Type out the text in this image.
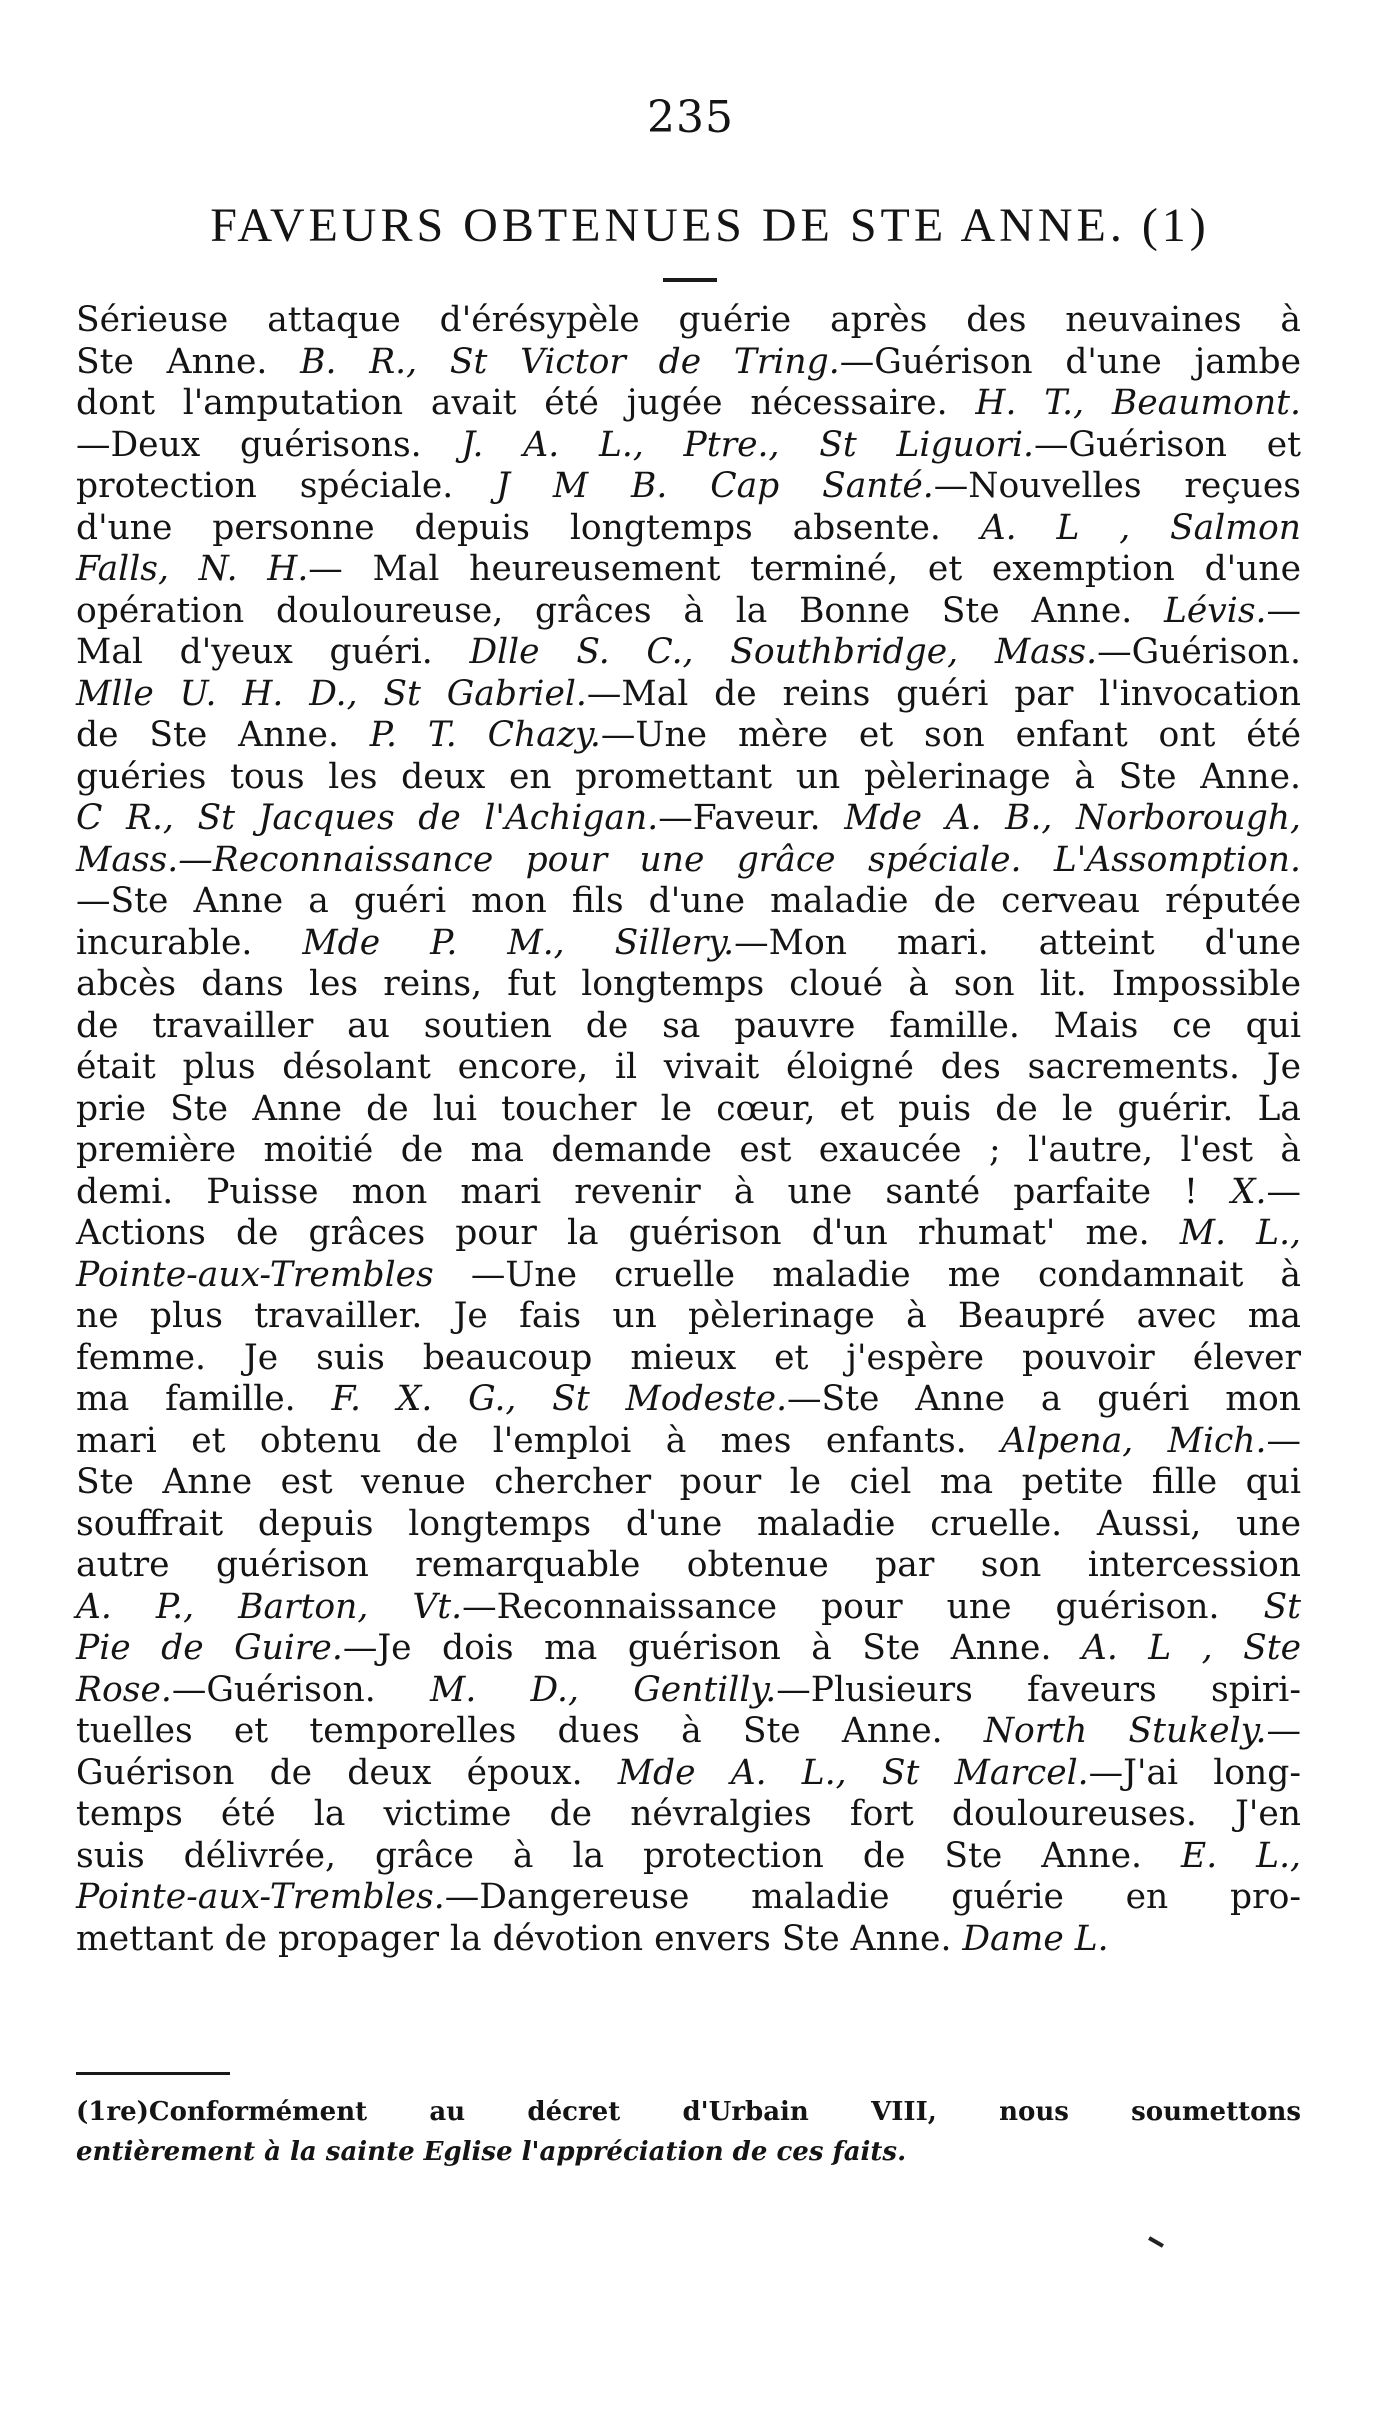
235
FAVEURS OBTENUES DE STE ANNE. (1)
Sérieuse attaque d'érésypèle guérie après des neuvaines à
Ste Anne. B. R., St Victor de Tring.—Guérison d'une jambe
dont l'amputation avait été jugée nécessaire. H. T., Beaumont.
—Deux guérisons. J. A. L., Ptre., St Liguori.—Guérison et
protection spéciale. J M B. Cap Santé.—Nouvelles reçues
d'une personne depuis longtemps absente. A. L , Salmon
Falls, N. H.— Mal heureusement terminé, et exemption d'une
opération douloureuse, grâces à la Bonne Ste Anne. Lévis.—
Mal d'yeux guéri. Dlle S. C., Southbridge, Mass.—Guérison.
Mlle U. H. D., St Gabriel.—Mal de reins guéri par l'invocation
de Ste Anne. P. T. Chazy.—Une mère et son enfant ont été
guéries tous les deux en promettant un pèlerinage à Ste Anne.
C R., St Jacques de l'Achigan.—Faveur. Mde A. B., Norborough,
Mass.—Reconnaissance pour une grâce spéciale. L'Assomption.
—Ste Anne a guéri mon fils d'une maladie de cerveau réputée
incurable. Mde P. M., Sillery.—Mon mari. atteint d'une
abcès dans les reins, fut longtemps cloué à son lit. Impossible
de travailler au soutien de sa pauvre famille. Mais ce qui
était plus désolant encore, il vivait éloigné des sacrements. Je
prie Ste Anne de lui toucher le cœur, et puis de le guérir. La
première moitié de ma demande est exaucée ; l'autre, l'est à
demi. Puisse mon mari revenir à une santé parfaite ! X.—
Actions de grâces pour la guérison d'un rhumat' me. M. L.,
Pointe-aux-Trembles —Une cruelle maladie me condamnait à
ne plus travailler. Je fais un pèlerinage à Beaupré avec ma
femme. Je suis beaucoup mieux et j'espère pouvoir élever
ma famille. F. X. G., St Modeste.—Ste Anne a guéri mon
mari et obtenu de l'emploi à mes enfants. Alpena, Mich.—
Ste Anne est venue chercher pour le ciel ma petite fille qui
souffrait depuis longtemps d'une maladie cruelle. Aussi, une
autre guérison remarquable obtenue par son intercession
A. P., Barton, Vt.—Reconnaissance pour une guérison. St
Pie de Guire.—Je dois ma guérison à Ste Anne. A. L , Ste
Rose.—Guérison. M. D., Gentilly.—Plusieurs faveurs spiri-
tuelles et temporelles dues à Ste Anne. North Stukely.—
Guérison de deux époux. Mde A. L., St Marcel.—J'ai long-
temps été la victime de névralgies fort douloureuses. J'en
suis délivrée, grâce à la protection de Ste Anne. E. L.,
Pointe-aux-Trembles.—Dangereuse maladie guérie en pro-
mettant de propager la dévotion envers Ste Anne. Dame L.
(1re)Conformément au décret d'Urbain VIII, nous soumettons
entièrement à la sainte Eglise l'appréciation de ces faits.
